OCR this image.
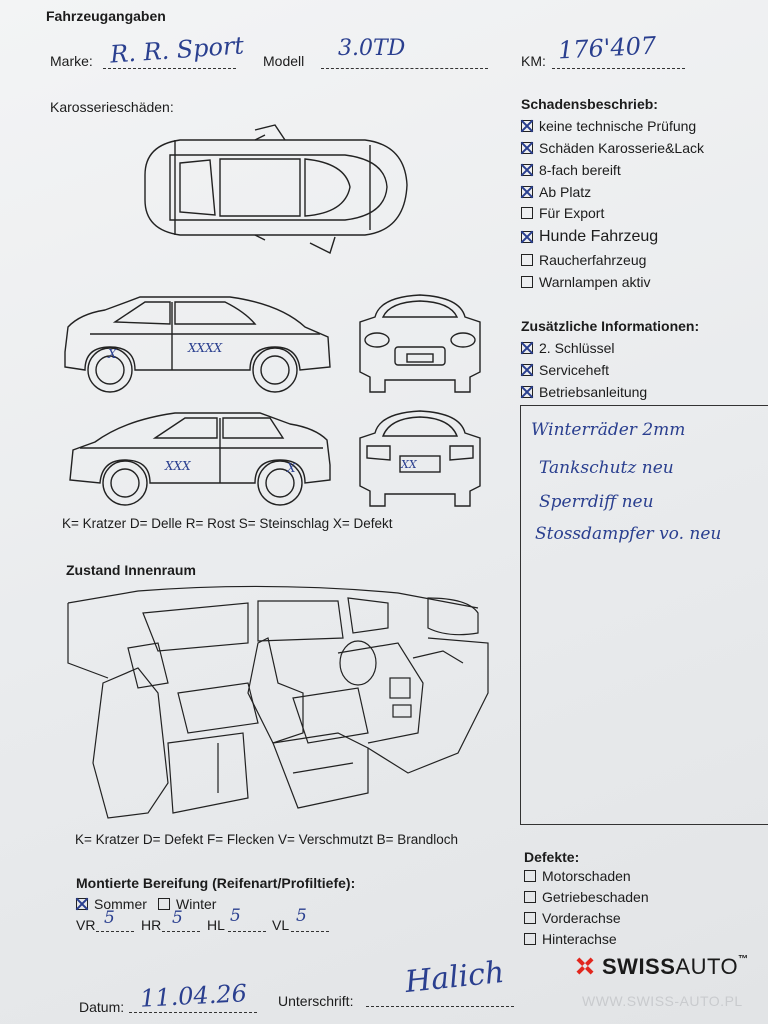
Fahrzeugangaben
Marke: R. R. Sport Modell 3.0TD	KM: 176'407
Karosserieschäden:
X	XXXX
XXX	X	XX
K= Kratzer D= Delle R= Rost S= Steinschlag X= Defekt
Schadensbeschrieb:
keine technische Prüfung
Schäden Karosserie&Lack
8-fach bereift
Ab Platz
Für Export
Hunde Fahrzeug
Raucherfahrzeug
Warnlampen aktiv
Zusätzliche Informationen:
2. Schlüssel
Serviceheft
Betriebsanleitung
Winterräder 2mm
Tankschutz neu
Sperrdiff neu
Stossdampfer vo. neu
Zustand Innenraum
K= Kratzer D= Defekt F= Flecken V= Verschmutzt B= Brandloch
Defekte:
Motorschaden
Getriebeschaden
Vorderachse
Hinterachse
Montierte Bereifung (Reifenart/Profiltiefe):
Sommer Winter
VR 5 HR 5 HL 5 VL 5
Datum: 11.04.26 Unterschrift:
Halich	SWISSAUTO™
WWW.SWISS-AUTO.PL
